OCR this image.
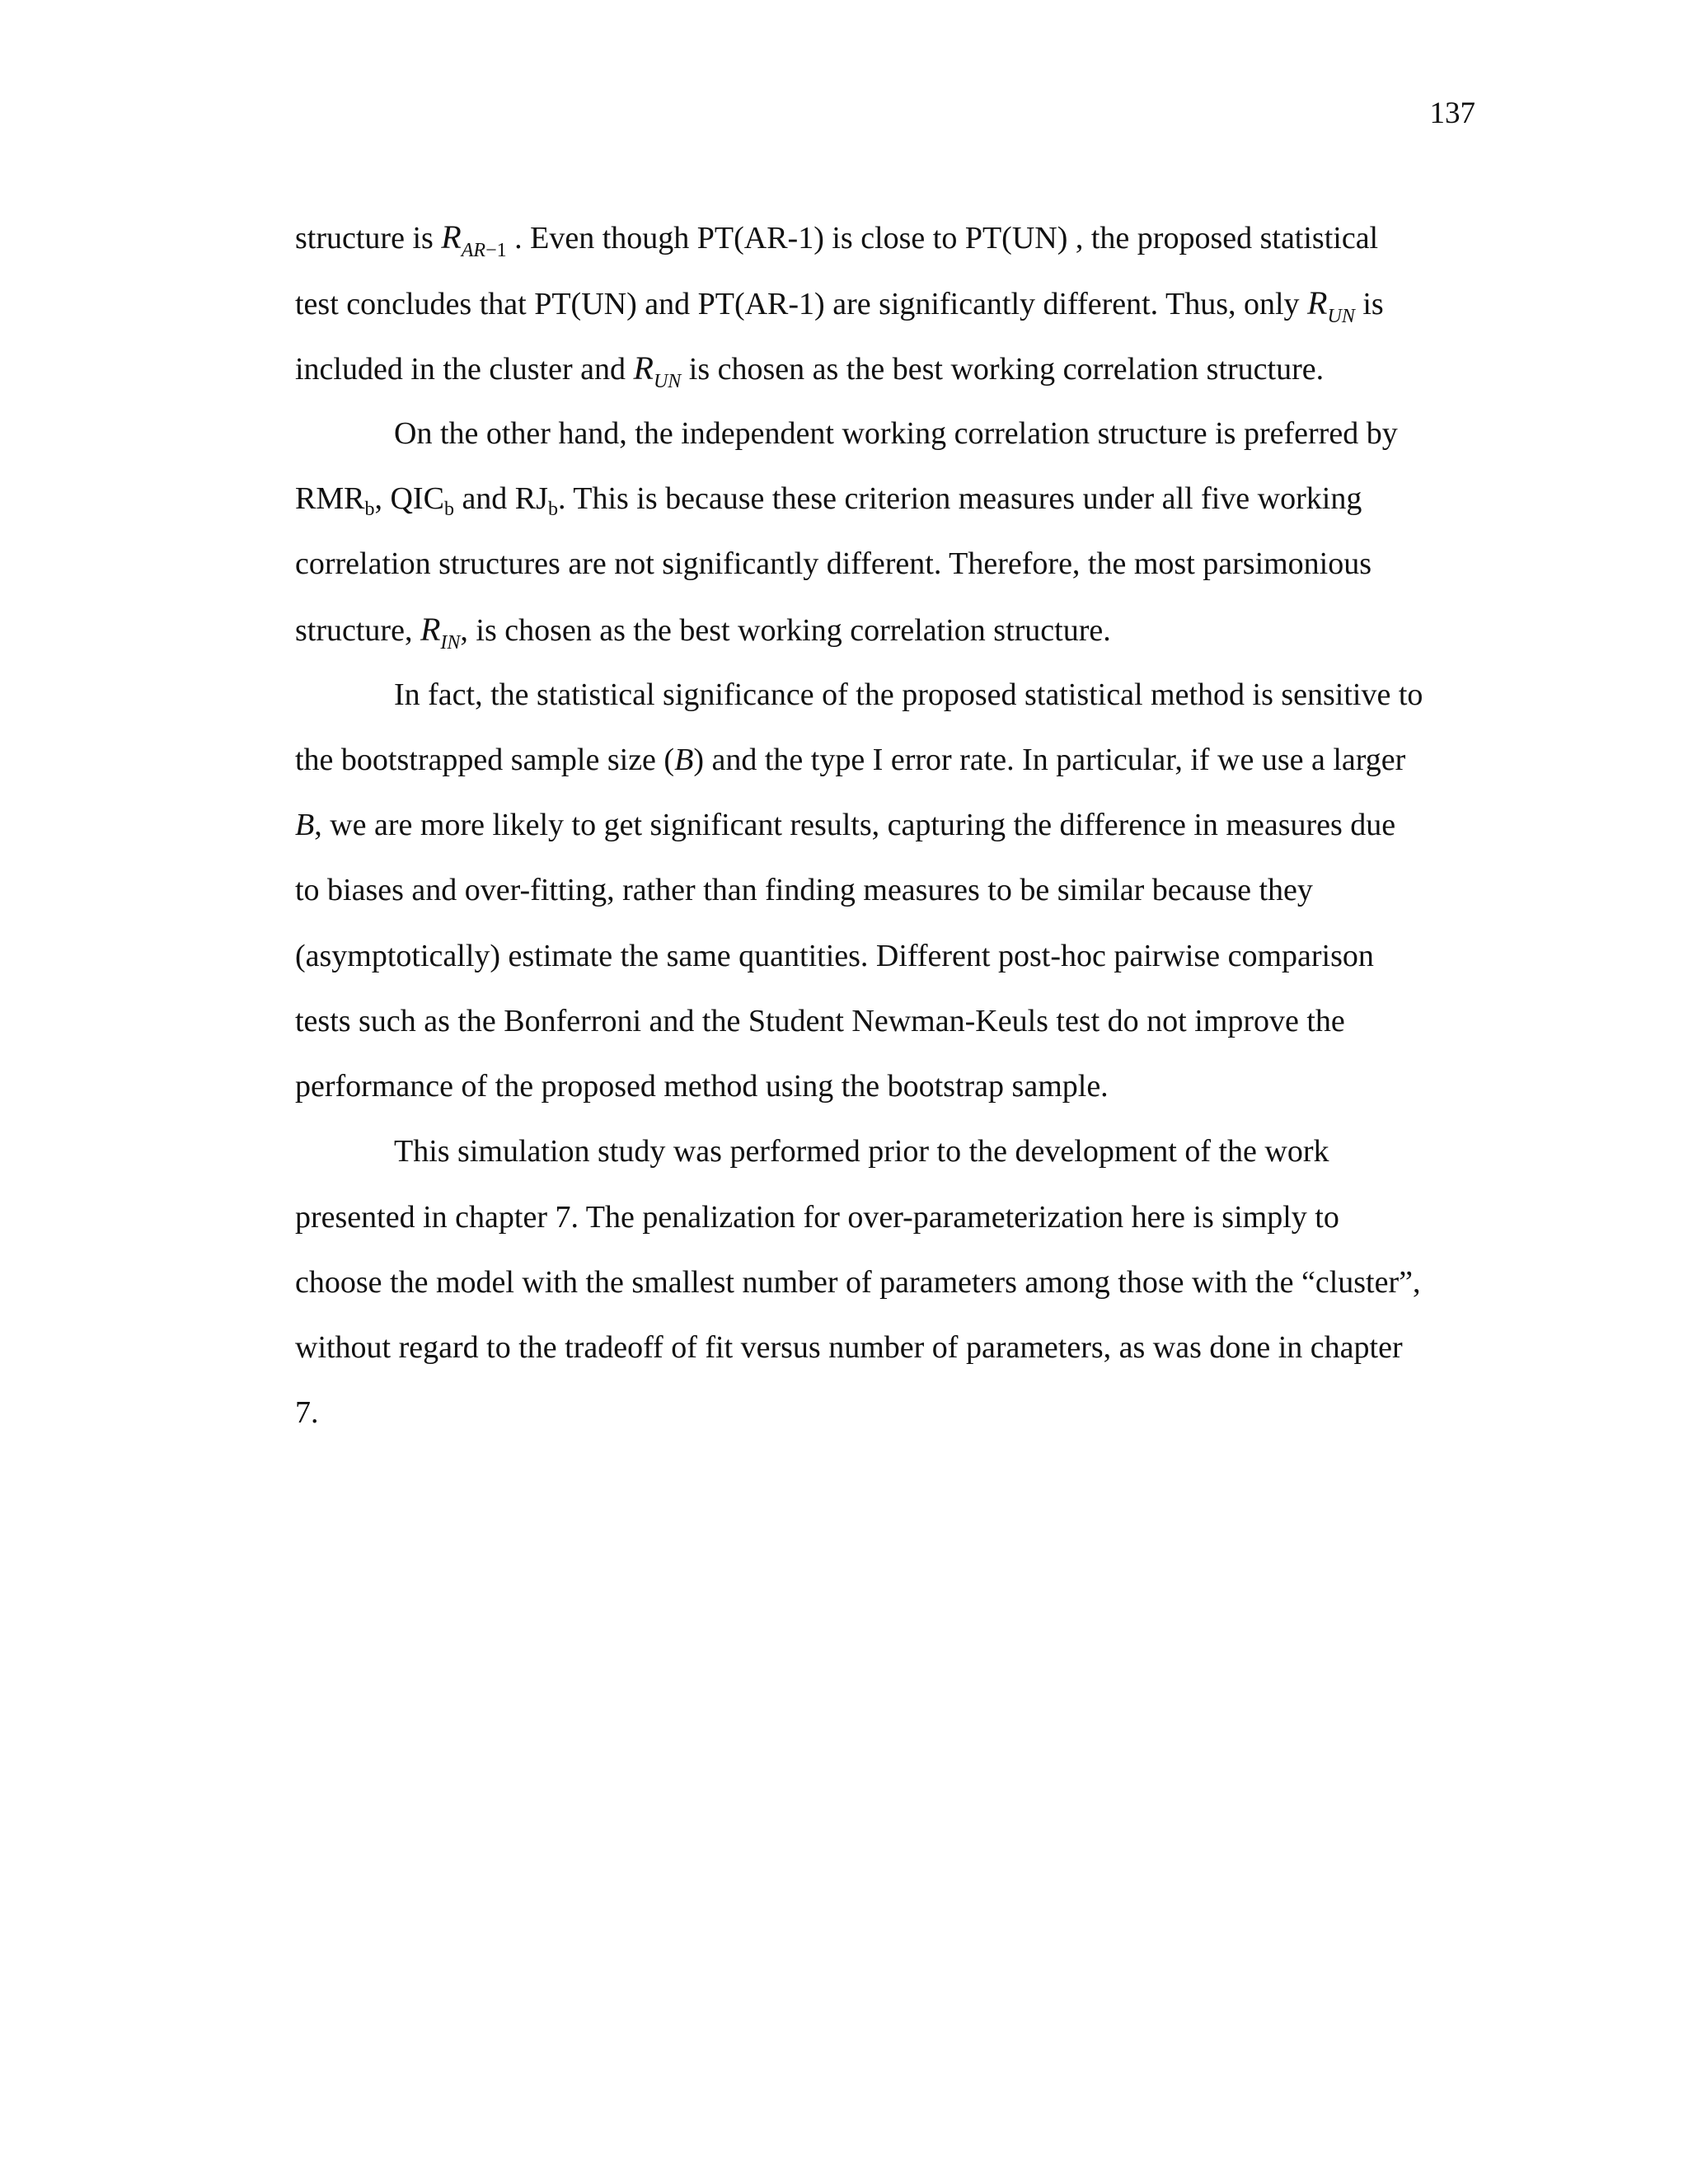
137
structure is $R_{AR-1}$ . Even though PT(AR-1) is close to PT(UN) , the proposed statistical
test concludes that PT(UN) and PT(AR-1) are significantly different. Thus, only $R_{UN}$ is
included in the cluster and $R_{UN}$ is chosen as the best working correlation structure.
On the other hand, the independent working correlation structure is preferred by
$RMR_b$, $QIC_b$ and $RJ_b$. This is because these criterion measures under all five working
correlation structures are not significantly different. Therefore, the most parsimonious
structure, $R_{IN}$, is chosen as the best working correlation structure.
In fact, the statistical significance of the proposed statistical method is sensitive to
the bootstrapped sample size (B) and the type I error rate. In particular, if we use a larger
B, we are more likely to get significant results, capturing the difference in measures due
to biases and over-fitting, rather than finding measures to be similar because they
(asymptotically) estimate the same quantities. Different post-hoc pairwise comparison
tests such as the Bonferroni and the Student Newman-Keuls test do not improve the
performance of the proposed method using the bootstrap sample.
This simulation study was performed prior to the development of the work
presented in chapter 7. The penalization for over-parameterization here is simply to
choose the model with the smallest number of parameters among those with the “cluster”,
without regard to the tradeoff of fit versus number of parameters, as was done in chapter
7.
